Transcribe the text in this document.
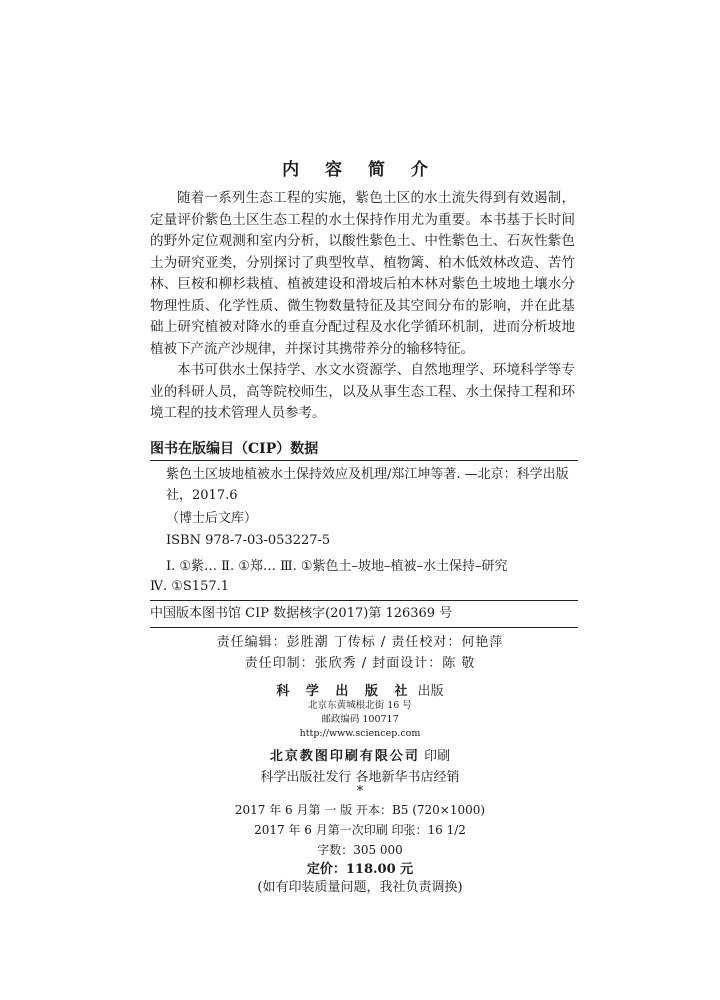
内 容 简 介

随着一系列生态工程的实施，紫色土区的水土流失得到有效遏制，定量评价紫色土区生态工程的水土保持作用尤为重要。本书基于长时间的野外定位观测和室内分析，以酸性紫色土、中性紫色土、石灰性紫色土为研究亚类，分别探讨了典型牧草、植物篱、柏木低效林改造、苦竹林、巨桉和柳杉栽植、植被建设和滑坡后柏木林对紫色土坡地土壤水分物理性质、化学性质、微生物数量特征及其空间分布的影响，并在此基础上研究植被对降水的垂直分配过程及水化学循环机制，进而分析坡地植被下产流产沙规律，并探讨其携带养分的输移特征。

本书可供水土保持学、水文水资源学、自然地理学、环境科学等专业的科研人员，高等院校师生，以及从事生态工程、水土保持工程和环境工程的技术管理人员参考。

图书在版编目（CIP）数据
紫色土区坡地植被水土保持效应及机理/郑江坤等著. —北京：科学出版社，2017.6
（博士后文库）
ISBN 978-7-03-053227-5
Ⅰ. ①紫… Ⅱ. ①郑… Ⅲ. ①紫色土–坡地–植被–水土保持–研究
Ⅳ. ①S157.1
中国版本图书馆 CIP 数据核字(2017)第 126369 号
责任编辑：彭胜潮 丁传标 / 责任校对：何艳萍
责任印制：张欣秀 / 封面设计：陈 敬
科 学 出 版 社 出版
北京东黄城根北街 16 号
邮政编码 100717
http://www.sciencep.com
北京教图印刷有限公司 印刷
科学出版社发行 各地新华书店经销
*
2017 年 6 月第 一 版 开本：B5 (720×1000)
2017 年 6 月第一次印刷 印张：16 1/2
字数：305 000
定价：118.00 元
(如有印装质量问题，我社负责调换)
